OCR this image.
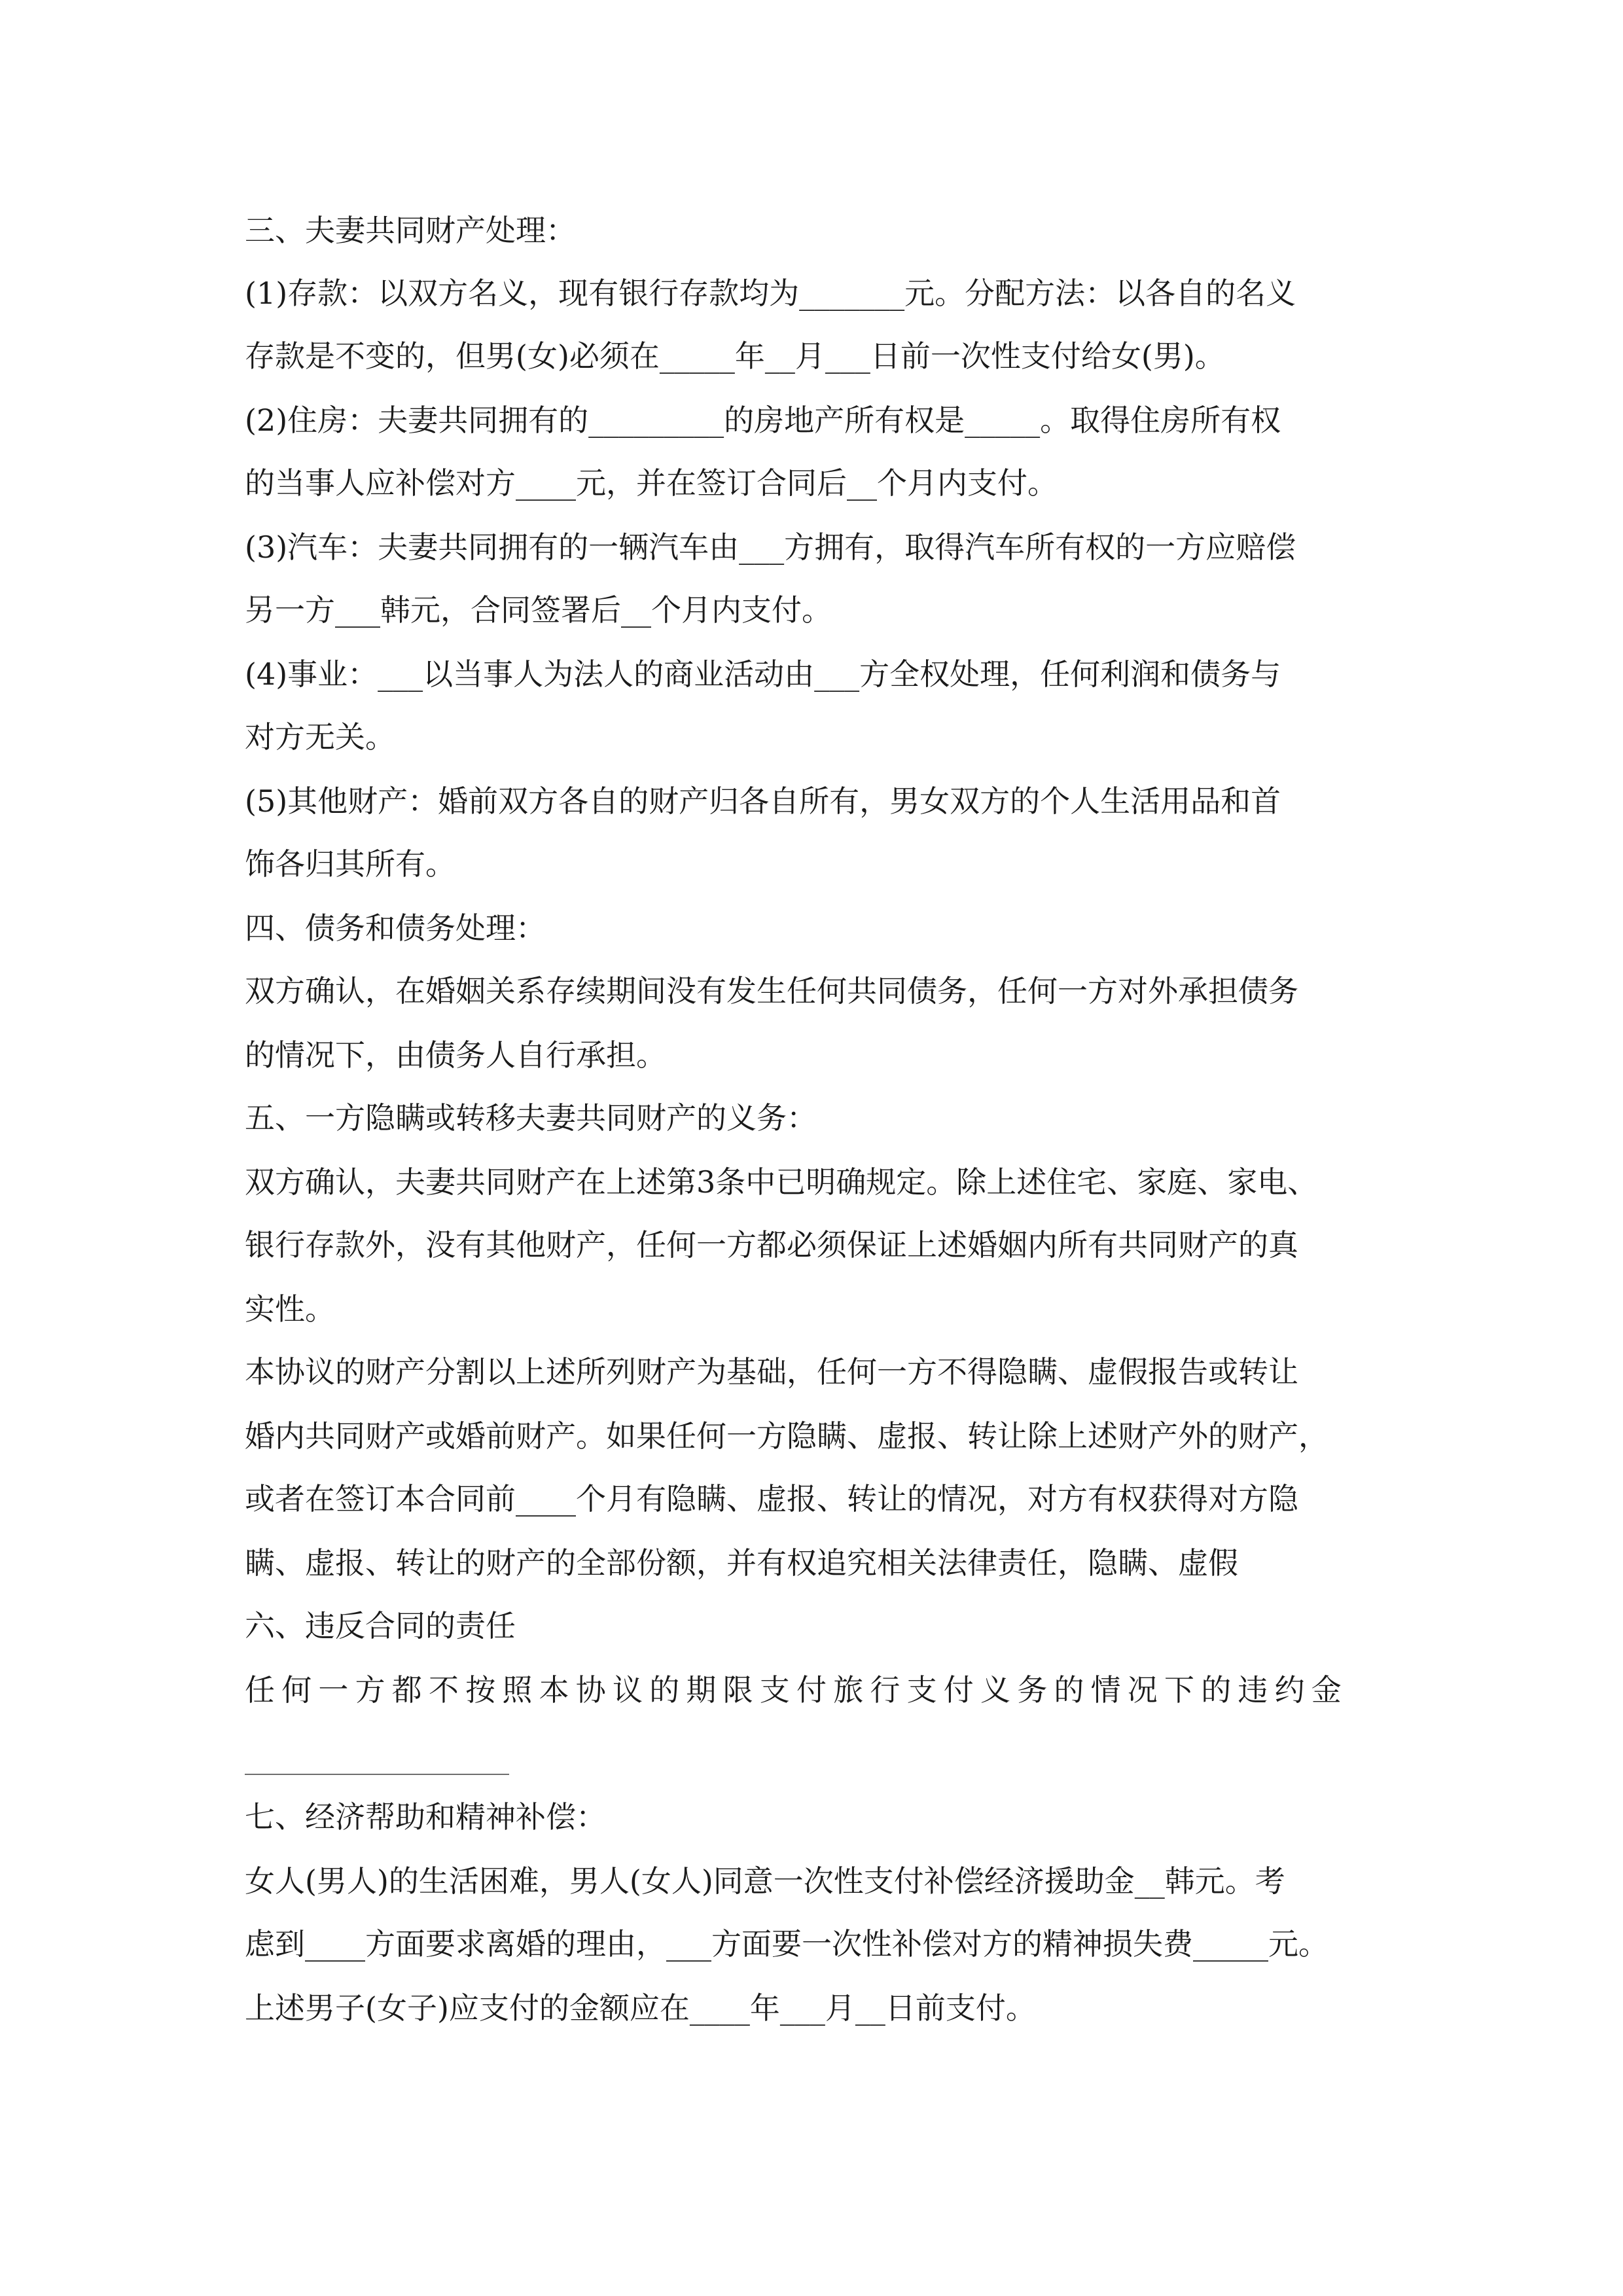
三、夫妻共同财产处理：
(1)存款：以双方名义，现有银行存款均为_______元。分配方法：以各自的名义
存款是不变的，但男(女)必须在_____年__月___日前一次性支付给女(男)。
(2)住房：夫妻共同拥有的_________的房地产所有权是_____。取得住房所有权
的当事人应补偿对方____元，并在签订合同后__个月内支付。
(3)汽车：夫妻共同拥有的一辆汽车由___方拥有，取得汽车所有权的一方应赔偿
另一方___韩元，合同签署后__个月内支付。
(4)事业：___以当事人为法人的商业活动由___方全权处理，任何利润和债务与
对方无关。
(5)其他财产：婚前双方各自的财产归各自所有，男女双方的个人生活用品和首
饰各归其所有。
四、债务和债务处理：
双方确认，在婚姻关系存续期间没有发生任何共同债务，任何一方对外承担债务
的情况下，由债务人自行承担。
五、一方隐瞒或转移夫妻共同财产的义务：
双方确认，夫妻共同财产在上述第3条中已明确规定。除上述住宅、家庭、家电、
银行存款外，没有其他财产，任何一方都必须保证上述婚姻内所有共同财产的真
实性。
本协议的财产分割以上述所列财产为基础，任何一方不得隐瞒、虚假报告或转让
婚内共同财产或婚前财产。如果任何一方隐瞒、虚报、转让除上述财产外的财产，
或者在签订本合同前____个月有隐瞒、虚报、转让的情况，对方有权获得对方隐
瞒、虚报、转让的财产的全部份额，并有权追究相关法律责任，隐瞒、虚假
六、违反合同的责任
任何一方都不按照本协议的期限支付旅行支付义务的情况下的违约金
七、经济帮助和精神补偿：
女人(男人)的生活困难，男人(女人)同意一次性支付补偿经济援助金__韩元。考
虑到____方面要求离婚的理由，___方面要一次性补偿对方的精神损失费_____元。
上述男子(女子)应支付的金额应在____年___月__日前支付。
